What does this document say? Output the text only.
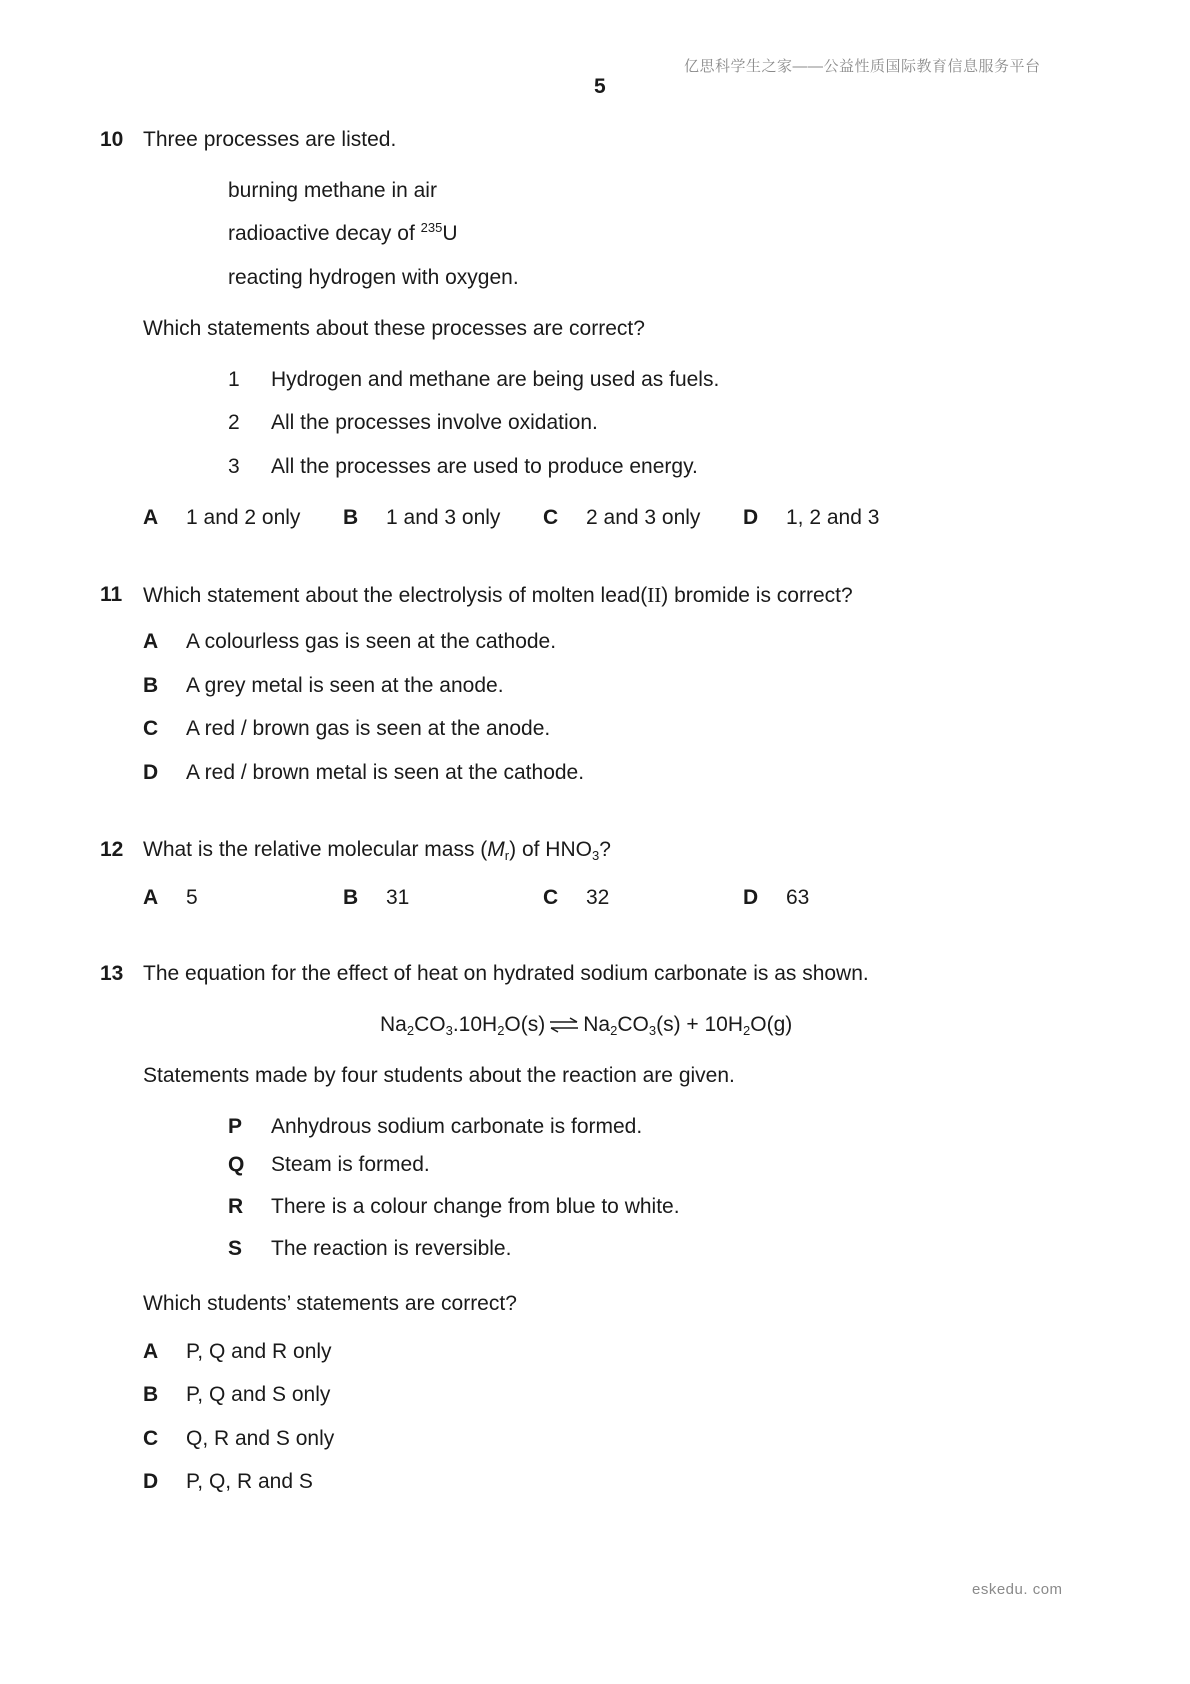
亿思科学生之家——公益性质国际教育信息服务平台
5
10 Three processes are listed.
burning methane in air
radioactive decay of $^{235}$U
reacting hydrogen with oxygen.
Which statements about these processes are correct?
1 Hydrogen and methane are being used as fuels.
2 All the processes involve oxidation.
3 All the processes are used to produce energy.
A 1 and 2 only B 1 and 3 only C 2 and 3 only D 1, 2 and 3
11 Which statement about the electrolysis of molten lead(II) bromide is correct?
A A colourless gas is seen at the cathode.
B A grey metal is seen at the anode.
C A red / brown gas is seen at the anode.
D A red / brown metal is seen at the cathode.
12 What is the relative molecular mass $(M_r)$ of $HNO_3$?
A 5	B 31	C 32	D 63
13 The equation for the effect of heat on hydrated sodium carbonate is as shown.
$Na_2CO_3.10H_2O(s)$ ⇌ $Na_2CO_3(s) + 10H_2O(g)$
Statements made by four students about the reaction are given.
P Anhydrous sodium carbonate is formed.
Q Steam is formed.
R There is a colour change from blue to white.
S The reaction is reversible.
Which students’ statements are correct?
A P, Q and R only
B P, Q and S only
C Q, R and S only
D P, Q, R and S
eskedu. com
